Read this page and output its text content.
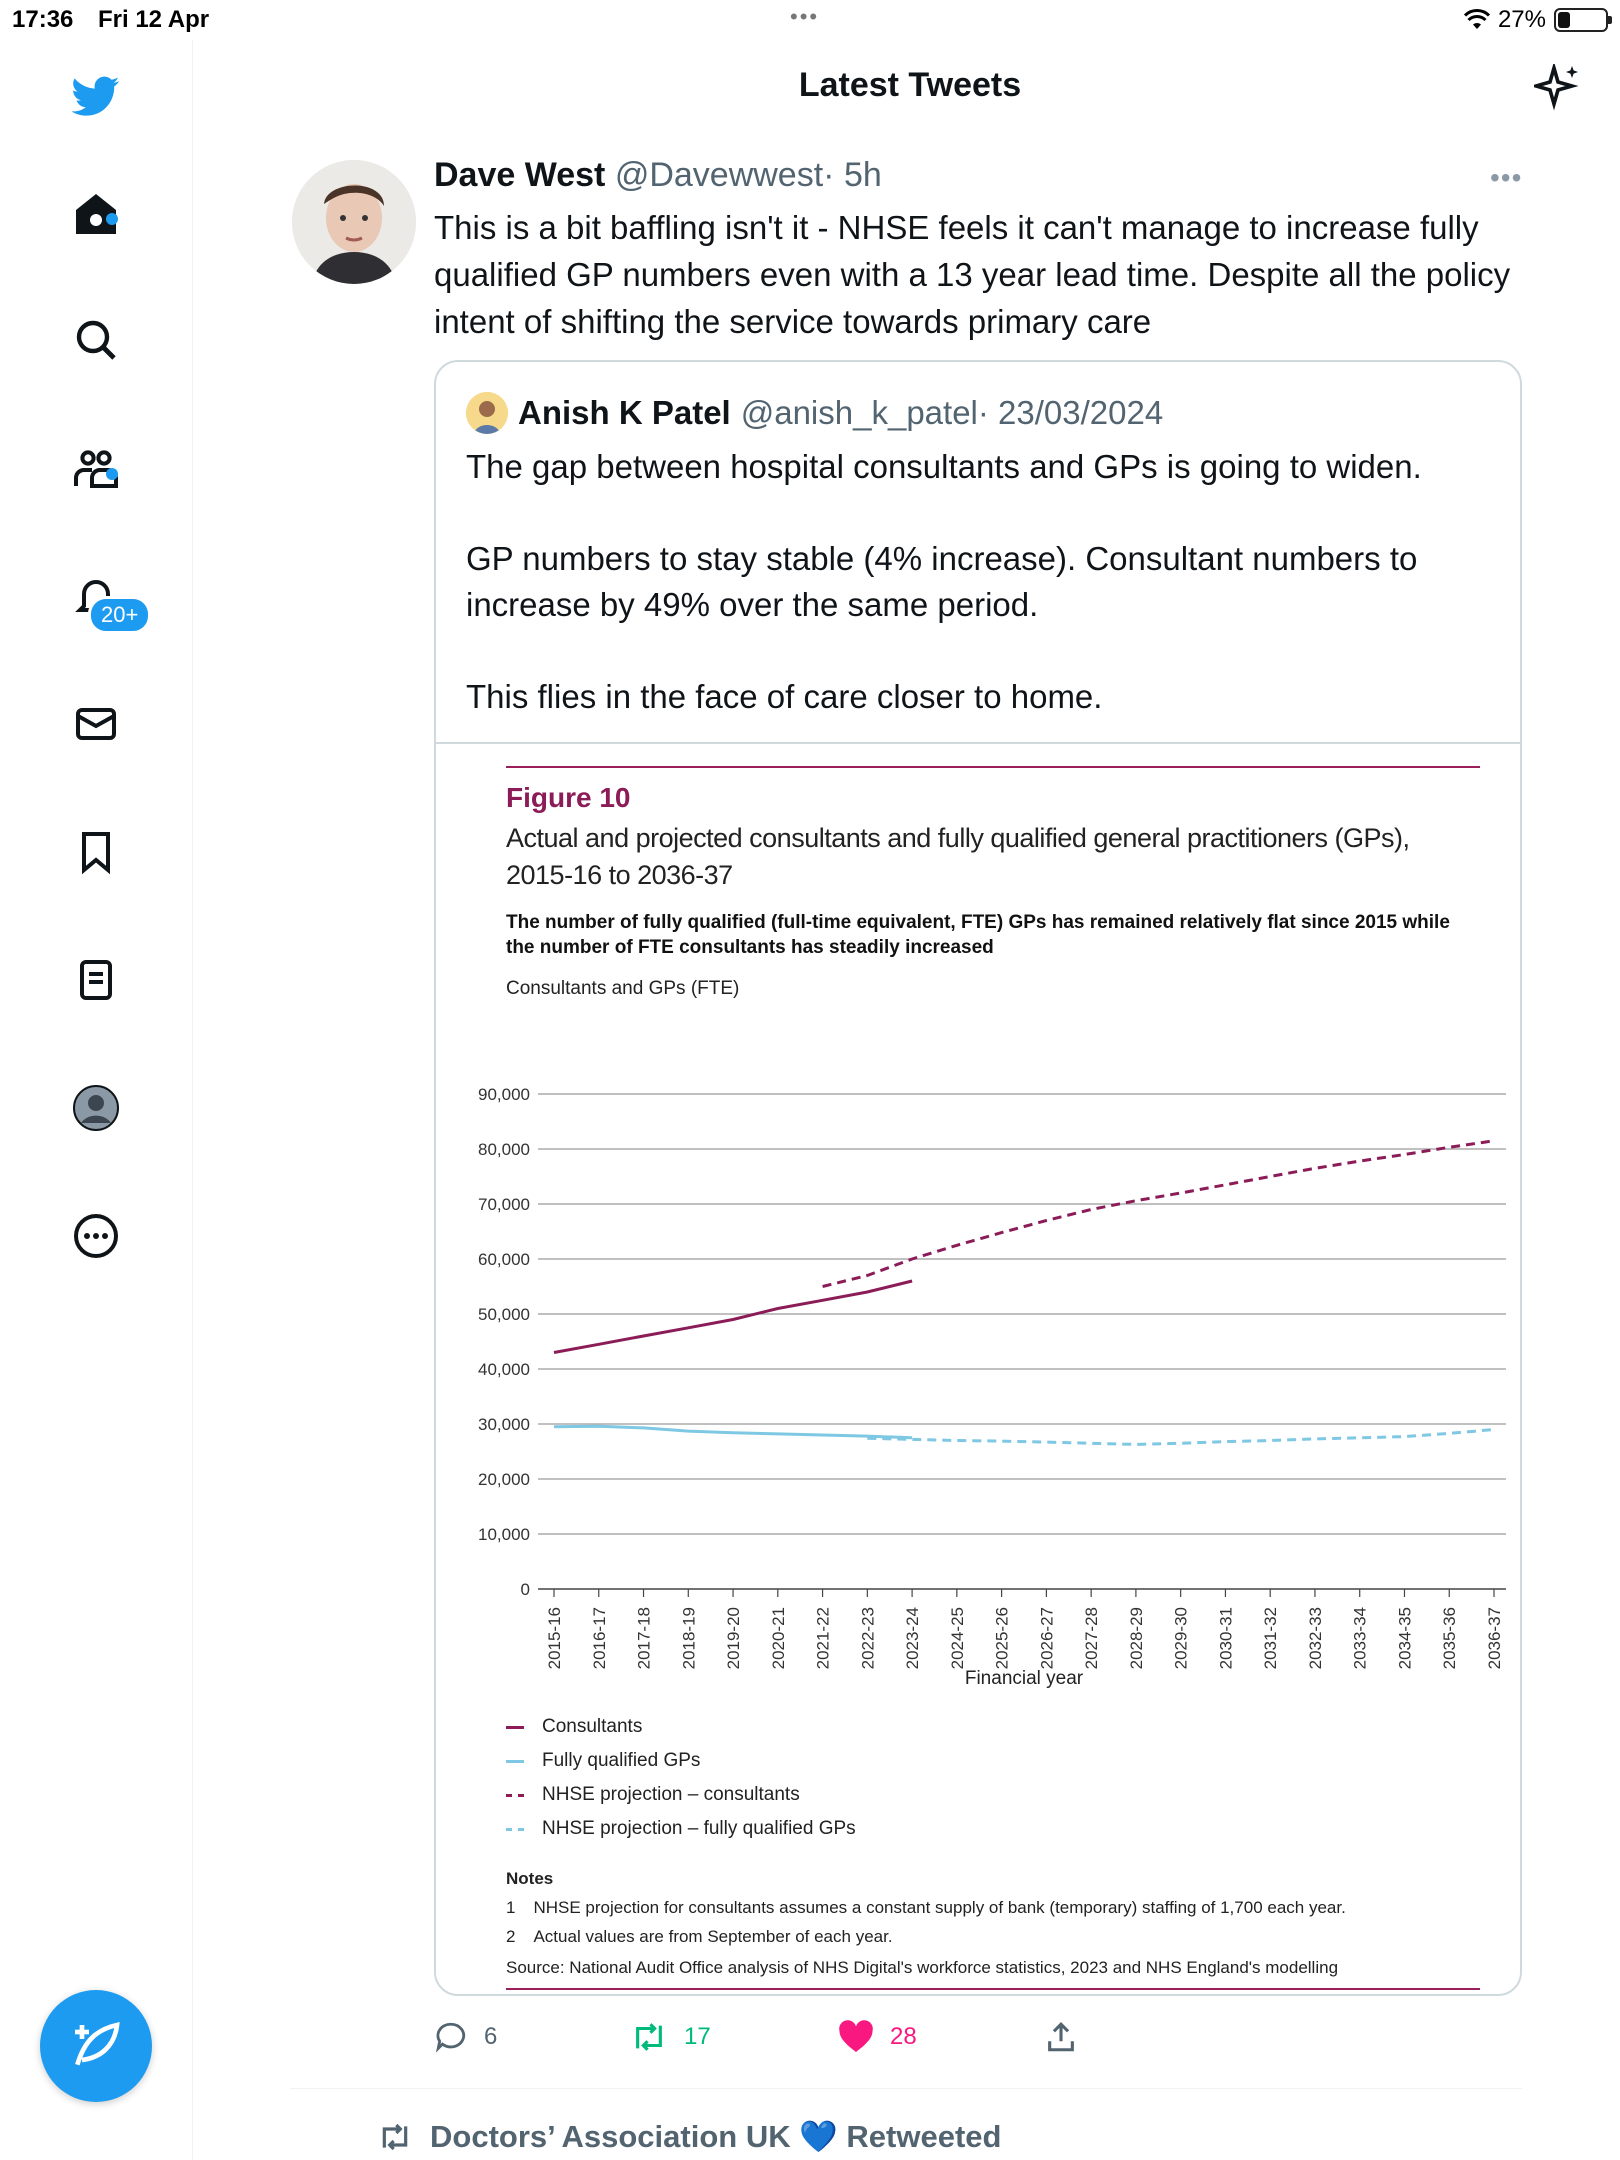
17:36 Fri 12 Apr	•••	27%
20+
Latest Tweets
Dave West @Davewwest· 5h	•••
This is a bit baffling isn't it - NHSE feels it can't manage to increase fully qualified GP numbers even with a 13 year lead time. Despite all the policy intent of shifting the service towards primary care
Anish K Patel @anish_k_patel · 23/03/2024

The gap between hospital consultants and GPs is going to widen.

GP numbers to stay stable (4% increase). Consultant numbers to increase by 49% over the same period.

This flies in the face of care closer to home.

Figure 10
Actual and projected consultants and fully qualified general practitioners (GPs), 2015-16 to 2036-37
The number of fully qualified (full-time equivalent, FTE) GPs has remained relatively flat since 2015 while the number of FTE consultants has steadily increased
Consultants and GPs (FTE)
0
10,000
20,000
30,000
40,000
50,000
60,000
70,000
80,000
90,000
2015-16 2016-17 2017-18 2018-19 2019-20 2020-21 2021-22 2022-23 2023-24 2024-25 2025-26 2026-27 2027-28 2028-29 2029-30 2030-31 2031-32 2032-33 2033-34 2034-35 2035-36 2036-37
Financial year
Consultants
Fully qualified GPs
NHSE projection – consultants
NHSE projection – fully qualified GPs
Notes
1 NHSE projection for consultants assumes a constant supply of bank (temporary) staffing of 1,700 each year.
2 Actual values are from September of each year.
Source: National Audit Office analysis of NHS Digital's workforce statistics, 2023 and NHS England's modelling
6	17	28
Doctors’ Association UK 💙 Retweeted
